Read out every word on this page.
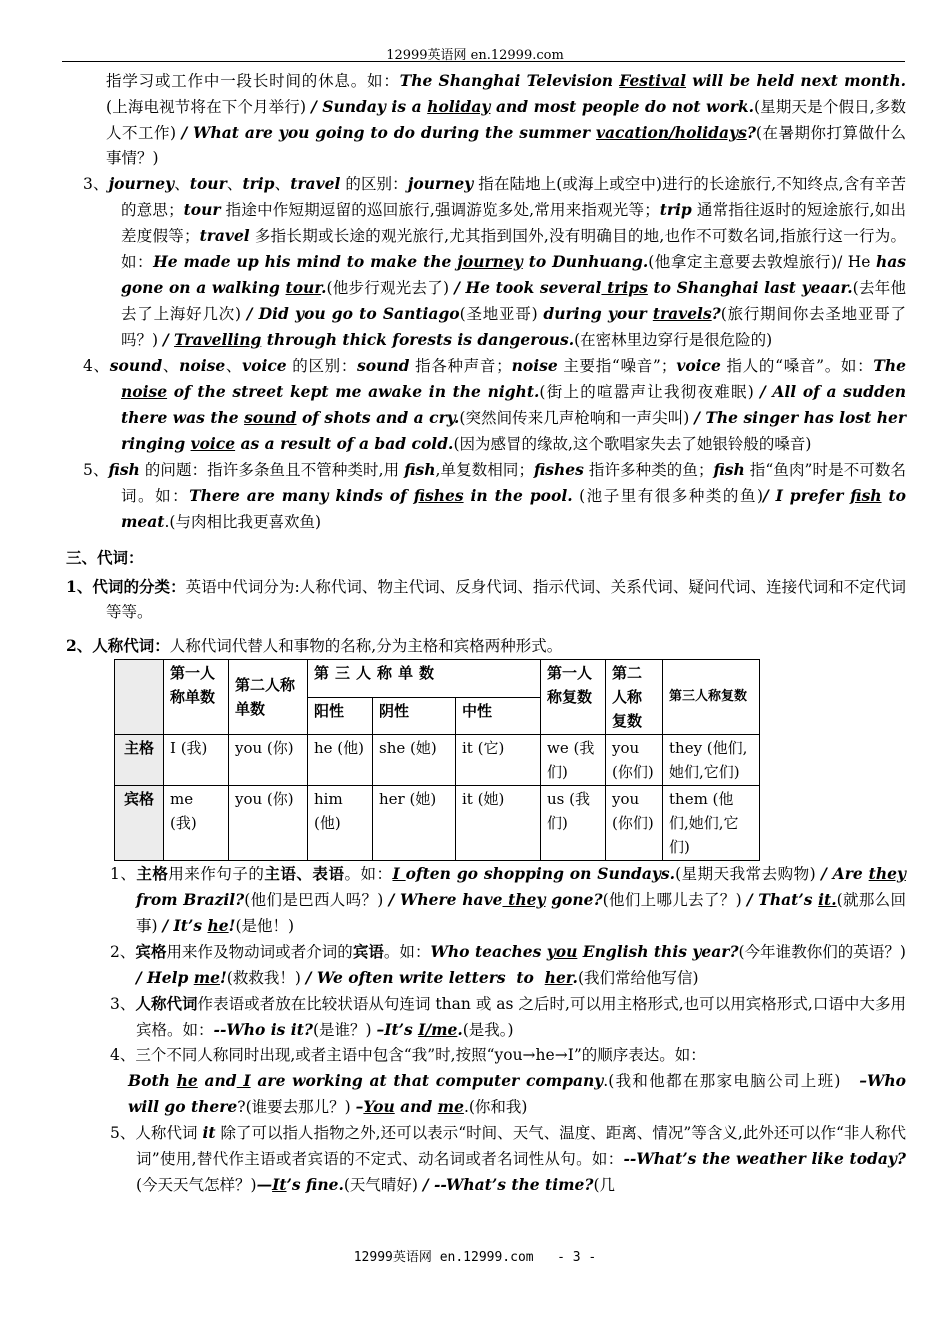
12999英语网 en.12999.com

指学习或工作中一段长时间的休息。如：The Shanghai Television Festival will be held next month.(上海电视节将在下个月举行) / Sunday is a holiday and most people do not work.(星期天是个假日,多数人不工作) / What are you going to do during the summer vacation/holidays?(在暑期你打算做什么事情？)

3、journey、tour、trip、travel 的区别：journey 指在陆地上(或海上或空中)进行的长途旅行,不知终点,含有辛苦的意思；tour 指途中作短期逗留的巡回旅行,强调游览多处,常用来指观光等；trip 通常指往返时的短途旅行,如出差度假等；travel 多指长期或长途的观光旅行,尤其指到国外,没有明确目的地,也作不可数名词,指旅行这一行为。如：He made up his mind to make the journey to Dunhuang.(他拿定主意要去敦煌旅行)/ He has gone on a walking tour.(他步行观光去了) / He took several trips to Shanghai last yeaar.(去年他去了上海好几次) / Did you go to Santiago(圣地亚哥) during your travels?(旅行期间你去圣地亚哥了吗？) / Travelling through thick forests is dangerous.(在密林里边穿行是很危险的)

4、sound、noise、voice 的区别：sound 指各种声音；noise 主要指“噪音”；voice 指人的“嗓音”。如：The noise of the street kept me awake in the night.(街上的喧嚣声让我彻夜难眠) / All of a sudden there was the sound of shots and a cry.(突然间传来几声枪响和一声尖叫) / The singer has lost her ringing voice as a result of a bad cold.(因为感冒的缘故,这个歌唱家失去了她银铃般的嗓音)

5、fish 的问题：指许多条鱼且不管种类时,用 fish,单复数相同；fishes 指许多种类的鱼；fish 指“鱼肉”时是不可数名词。如：There are many kinds of fishes in the pool. (池子里有很多种类的鱼)/ I prefer fish to meat.(与肉相比我更喜欢鱼)

三、代词：

1、代词的分类：英语中代词分为:人称代词、物主代词、反身代词、指示代词、关系代词、疑问代词、连接代词和不定代词等等。

2、人称代词：人称代词代替人和事物的名称,分为主格和宾格两种形式。

	第一人称单数	第二人称单数	第三人称单数			第一人称复数	第二人称复数	第三人称复数
			阳性	阴性	中性			
主格	I (我)	you (你)	he (他)	she (她)	it (它)	we (我们)	you (你们)	they (他们,她们,它们)
宾格	me (我)	you (你)	him (他)	her (她)	it (她)	us (我们)	you (你们)	them (他们,她们,它们)

1、主格用来作句子的主语、表语。如：I often go shopping on Sundays.(星期天我常去购物) / Are they from Brazil?(他们是巴西人吗？) / Where have they gone?(他们上哪儿去了？) / That’s it.(就那么回事) / It’s he!(是他！)

2、宾格用来作及物动词或者介词的宾语。如：Who teaches you English this year?(今年谁教你们的英语？) / Help me!(救救我！) / We often write letters  to  her.(我们常给他写信)

3、人称代词作表语或者放在比较状语从句连词 than 或 as 之后时,可以用主格形式,也可以用宾格形式,口语中大多用宾格。如：--Who is it?(是谁？) –It’s I/me.(是我。)

4、三个不同人称同时出现,或者主语中包含“我”时,按照“you→he→I”的顺序表达。如：

Both he and I are working at that computer company.(我和他都在那家电脑公司上班)   –Who will go there?(谁要去那儿？) –You and me.(你和我)

5、人称代词 it 除了可以指人指物之外,还可以表示“时间、天气、温度、距离、情况”等含义,此外还可以作“非人称代词”使用,替代作主语或者宾语的不定式、动名词或者名词性从句。如：--What’s the weather like today?(今天天气怎样？)—It’s fine.(天气晴好) / --What’s the time?(几

12999英语网 en.12999.com - 3 -
